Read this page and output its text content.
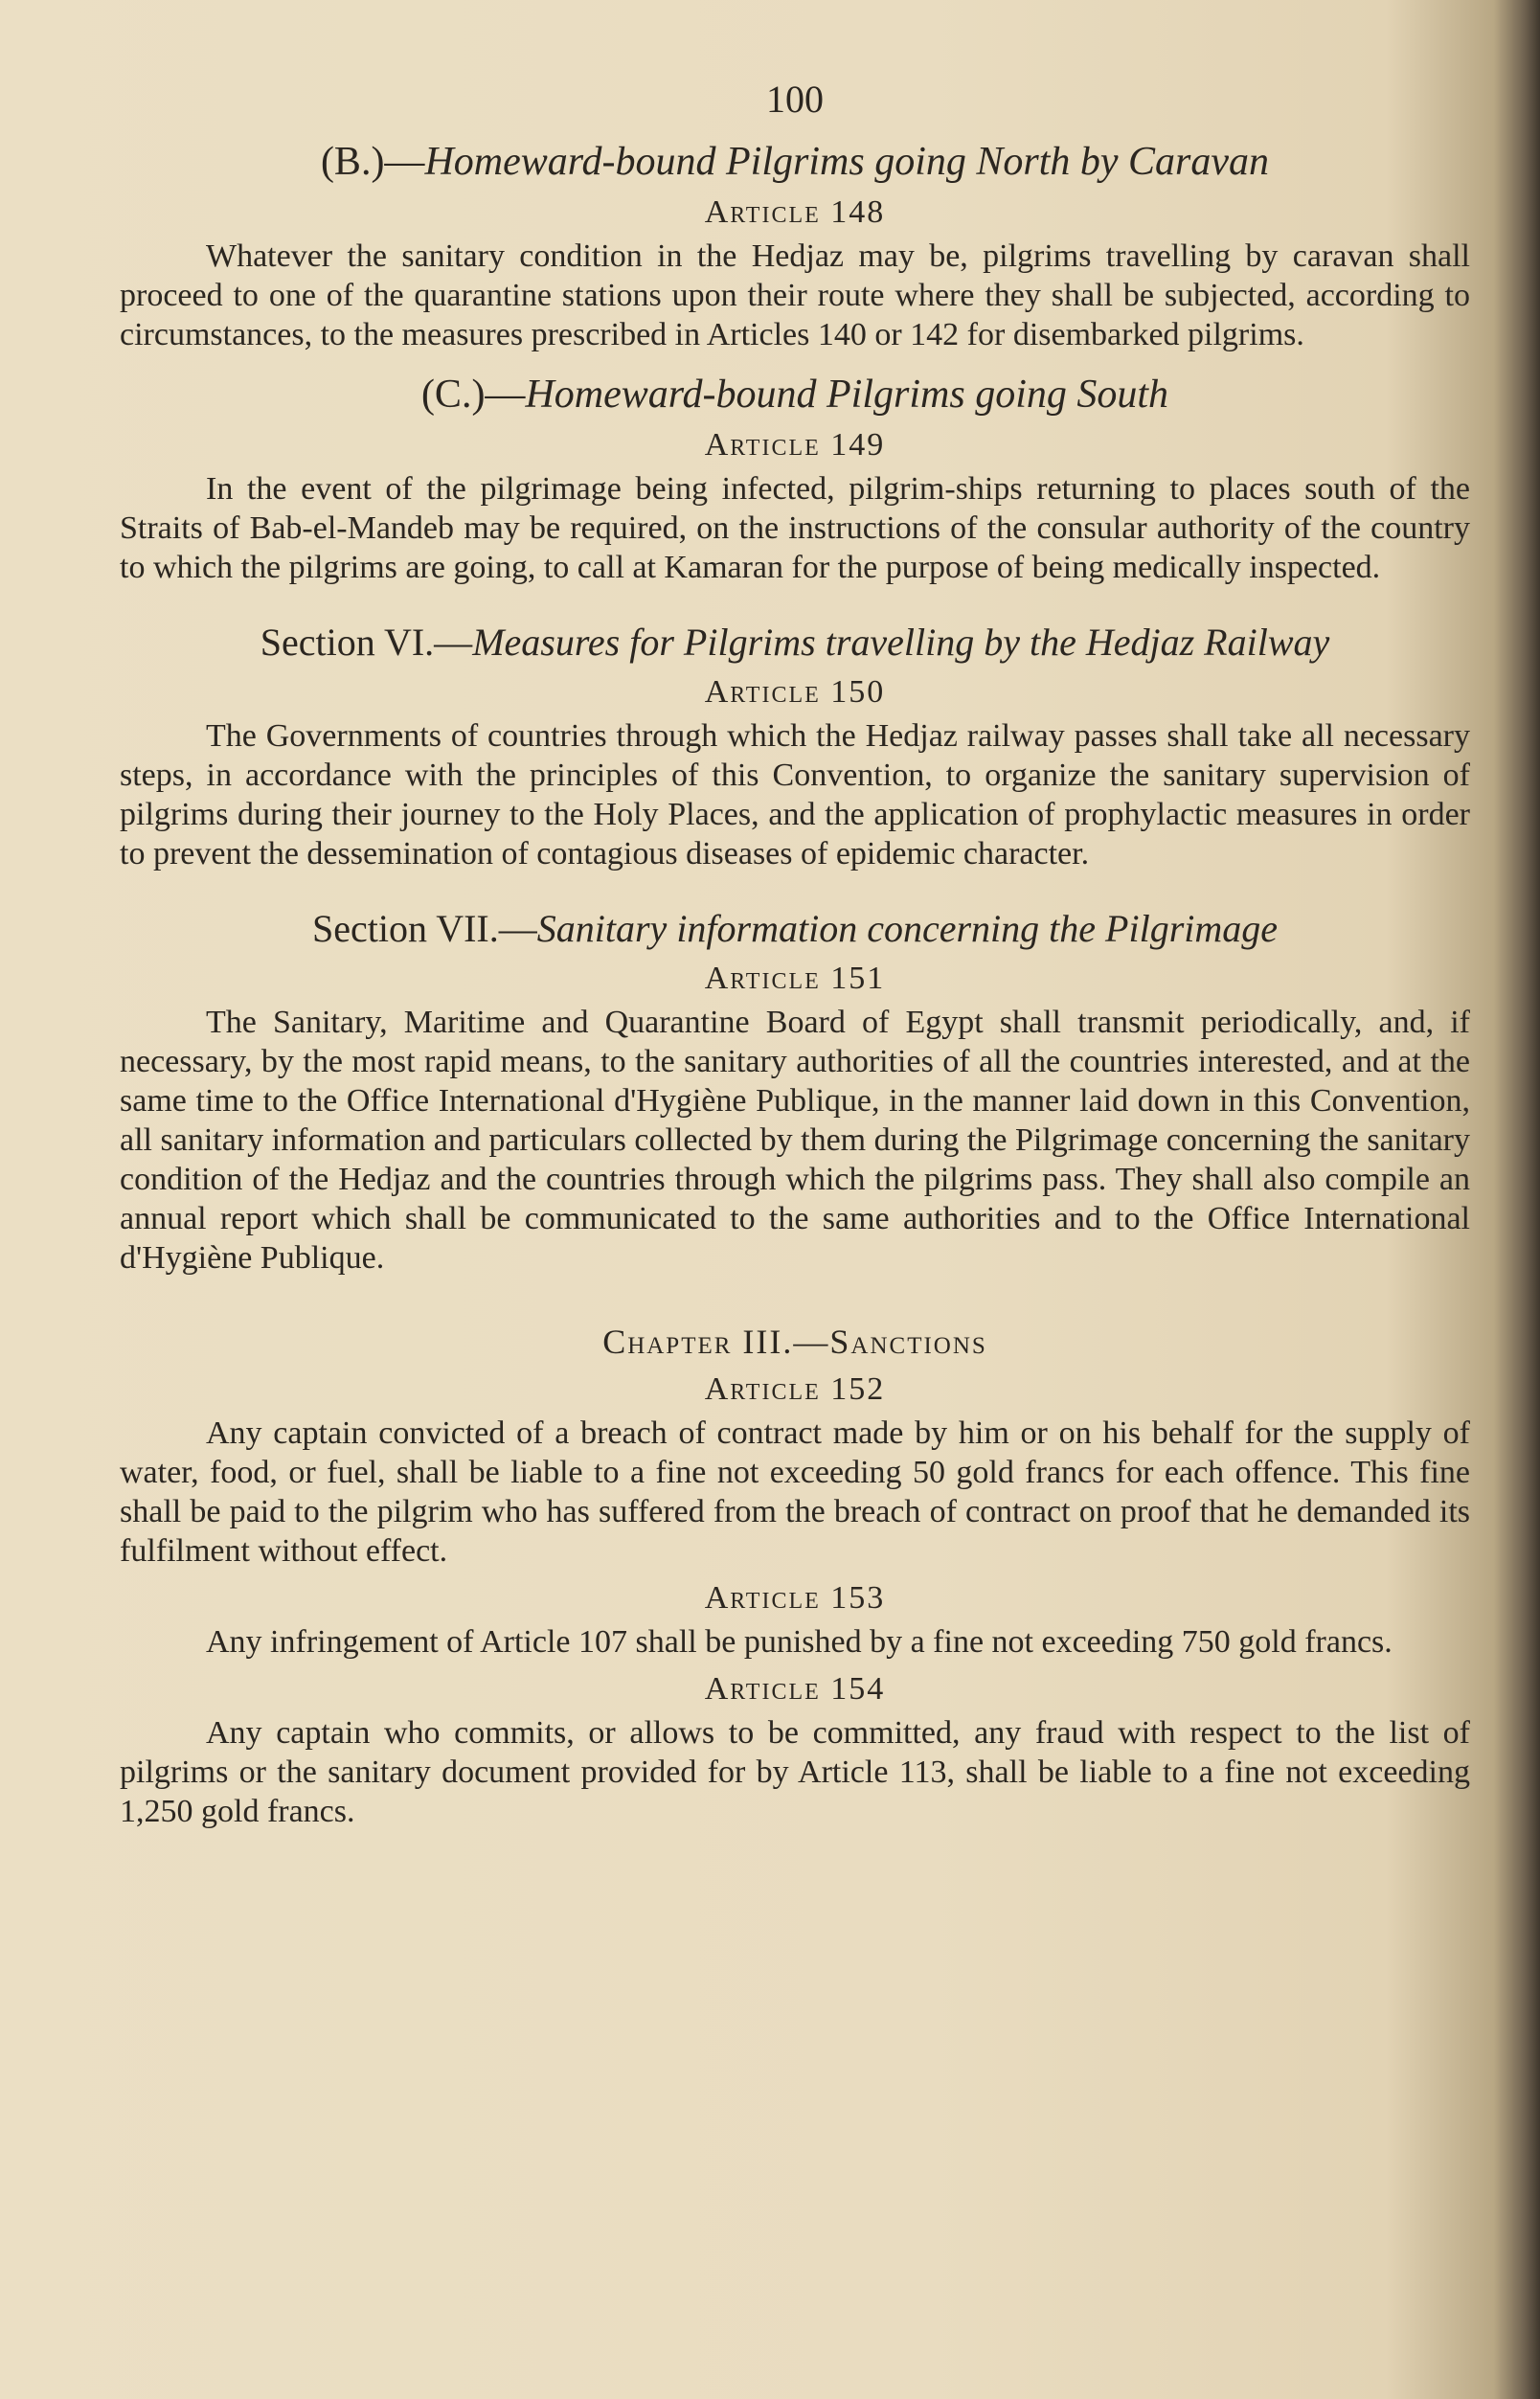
100
(B.)—Homeward-bound Pilgrims going North by Caravan
Article 148

Whatever the sanitary condition in the Hedjaz may be, pilgrims travelling by caravan shall proceed to one of the quarantine stations upon their route where they shall be subjected, according to circumstances, to the measures prescribed in Articles 140 or 142 for disembarked pilgrims.

(C.)—Homeward-bound Pilgrims going South
Article 149

In the event of the pilgrimage being infected, pilgrim-ships returning to places south of the Straits of Bab-el-Mandeb may be required, on the instructions of the consular authority of the country to which the pilgrims are going, to call at Kamaran for the purpose of being medically inspected.

Section VI.—Measures for Pilgrims travelling by the Hedjaz Railway
Article 150

The Governments of countries through which the Hedjaz railway passes shall take all necessary steps, in accordance with the principles of this Convention, to organize the sanitary supervision of pilgrims during their journey to the Holy Places, and the application of prophylactic measures in order to prevent the dessemination of contagious diseases of epidemic character.

Section VII.—Sanitary information concerning the Pilgrimage
Article 151

The Sanitary, Maritime and Quarantine Board of Egypt shall transmit periodically, and, if necessary, by the most rapid means, to the sanitary authorities of all the countries interested, and at the same time to the Office International d'Hygiène Publique, in the manner laid down in this Convention, all sanitary information and particulars collected by them during the Pilgrimage concerning the sanitary condition of the Hedjaz and the countries through which the pilgrims pass. They shall also compile an annual report which shall be communicated to the same authorities and to the Office International d'Hygiène Publique.

Chapter III.—Sanctions
Article 152

Any captain convicted of a breach of contract made by him or on his behalf for the supply of water, food, or fuel, shall be liable to a fine not exceeding 50 gold francs for each offence. This fine shall be paid to the pilgrim who has suffered from the breach of contract on proof that he demanded its fulfilment without effect.

Article 153

Any infringement of Article 107 shall be punished by a fine not exceeding 750 gold francs.

Article 154

Any captain who commits, or allows to be committed, any fraud with respect to the list of pilgrims or the sanitary document provided for by Article 113, shall be liable to a fine not exceeding 1,250 gold francs.
